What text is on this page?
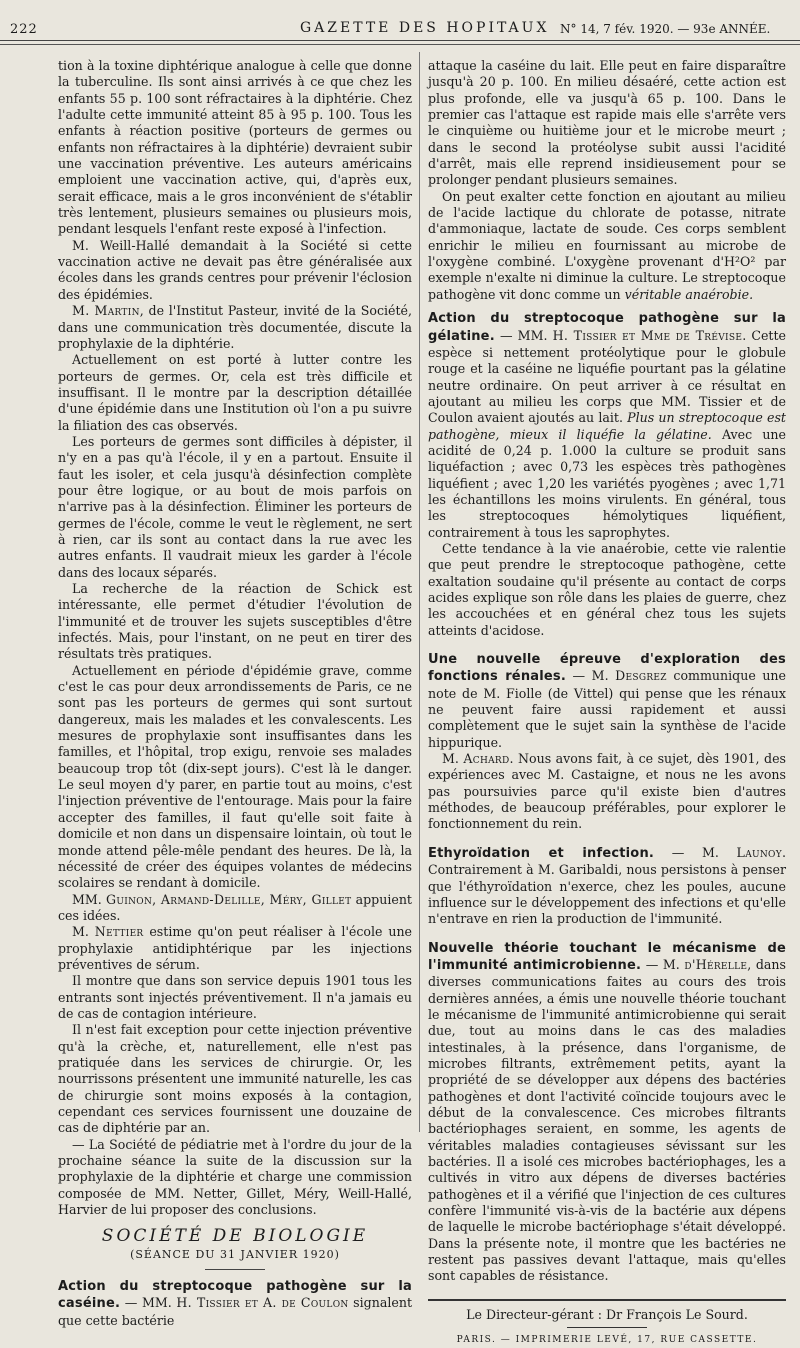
222	GAZETTE DES HOPITAUX N° 14, 7 fév. 1920. — 93e ANNÉE.

tion à la toxine diphtérique analogue à celle que donne la tuberculine. Ils sont ainsi arrivés à ce que chez les enfants 55 p. 100 sont réfractaires à la diphtérie. Chez l'adulte cette immunité atteint 85 à 95 p. 100. Tous les enfants à réaction positive (porteurs de germes ou enfants non réfractaires à la diphtérie) devraient subir une vaccination préventive. Les auteurs américains emploient une vaccination active, qui, d'après eux, serait efficace, mais a le gros inconvénient de s'établir très lentement, plusieurs semaines ou plusieurs mois, pendant lesquels l'enfant reste exposé à l'infection.

M. Weill-Hallé demandait à la Société si cette vaccination active ne devait pas être généralisée aux écoles dans les grands centres pour prévenir l'éclosion des épidémies.

M. Martin, de l'Institut Pasteur, invité de la Société, dans une communication très documentée, discute la prophylaxie de la diphtérie.

Actuellement on est porté à lutter contre les porteurs de germes. Or, cela est très difficile et insuffisant. Il le montre par la description détaillée d'une épidémie dans une Institution où l'on a pu suivre la filiation des cas observés.

Les porteurs de germes sont difficiles à dépister, il n'y en a pas qu'à l'école, il y en a partout. Ensuite il faut les isoler, et cela jusqu'à désinfection complète pour être logique, or au bout de mois parfois on n'arrive pas à la désinfection. Éliminer les porteurs de germes de l'école, comme le veut le règlement, ne sert à rien, car ils sont au contact dans la rue avec les autres enfants. Il vaudrait mieux les garder à l'école dans des locaux séparés.

La recherche de la réaction de Schick est intéressante, elle permet d'étudier l'évolution de l'immunité et de trouver les sujets susceptibles d'être infectés. Mais, pour l'instant, on ne peut en tirer des résultats très pratiques.

Actuellement en période d'épidémie grave, comme c'est le cas pour deux arrondissements de Paris, ce ne sont pas les porteurs de germes qui sont surtout dangereux, mais les malades et les convalescents. Les mesures de prophylaxie sont insuffisantes dans les familles, et l'hôpital, trop exigu, renvoie ses malades beaucoup trop tôt (dix-sept jours). C'est là le danger. Le seul moyen d'y parer, en partie tout au moins, c'est l'injection préventive de l'entourage. Mais pour la faire accepter des familles, il faut qu'elle soit faite à domicile et non dans un dispensaire lointain, où tout le monde attend pêle-mêle pendant des heures. De là, la nécessité de créer des équipes volantes de médecins scolaires se rendant à domicile.

MM. Guinon, Armand-Delille, Méry, Gillet appuient ces idées.

M. Nettier estime qu'on peut réaliser à l'école une prophylaxie antidiphtérique par les injections préventives de sérum.

Il montre que dans son service depuis 1901 tous les entrants sont injectés préventivement. Il n'a jamais eu de cas de contagion intérieure.

Il n'est fait exception pour cette injection préventive qu'à la crèche, et, naturellement, elle n'est pas pratiquée dans les services de chirurgie. Or, les nourrissons présentent une immunité naturelle, les cas de chirurgie sont moins exposés à la contagion, cependant ces services fournissent une douzaine de cas de diphtérie par an.

— La Société de pédiatrie met à l'ordre du jour de la prochaine séance la suite de la discussion sur la prophylaxie de la diphtérie et charge une commission composée de MM. Netter, Gillet, Méry, Weill-Hallé, Harvier de lui proposer des conclusions.

SOCIÉTÉ DE BIOLOGIE
(SÉANCE DU 31 JANVIER 1920)

Action du streptocoque pathogène sur la caséine. — MM. H. Tissier et A. de Coulon signalent que cette bactérie

attaque la caséine du lait. Elle peut en faire disparaître jusqu'à 20 p. 100. En milieu désaéré, cette action est plus profonde, elle va jusqu'à 65 p. 100. Dans le premier cas l'attaque est rapide mais elle s'arrête vers le cinquième ou huitième jour et le microbe meurt ; dans le second la protéolyse subit aussi l'acidité d'arrêt, mais elle reprend insidieusement pour se prolonger pendant plusieurs semaines.

On peut exalter cette fonction en ajoutant au milieu de l'acide lactique du chlorate de potasse, nitrate d'ammoniaque, lactate de soude. Ces corps semblent enrichir le milieu en fournissant au microbe de l'oxygène combiné. L'oxygène provenant d'H²O² par exemple n'exalte ni diminue la culture. Le streptocoque pathogène vit donc comme un véritable anaérobie.

Action du streptocoque pathogène sur la gélatine. — MM. H. Tissier et Mme de Trévise. Cette espèce si nettement protéolytique pour le globule rouge et la caséine ne liquéfie pourtant pas la gélatine neutre ordinaire. On peut arriver à ce résultat en ajoutant au milieu les corps que MM. Tissier et de Coulon avaient ajoutés au lait. Plus un streptocoque est pathogène, mieux il liquéfie la gélatine. Avec une acidité de 0,24 p. 1.000 la culture se produit sans liquéfaction ; avec 0,73 les espèces très pathogènes liquéfient ; avec 1,20 les variétés pyogènes ; avec 1,71 les échantillons les moins virulents. En général, tous les streptocoques hémolytiques liquéfient, contrairement à tous les saprophytes.

Cette tendance à la vie anaérobie, cette vie ralentie que peut prendre le streptocoque pathogène, cette exaltation soudaine qu'il présente au contact de corps acides explique son rôle dans les plaies de guerre, chez les accouchées et en général chez tous les sujets atteints d'acidose.

Une nouvelle épreuve d'exploration des fonctions rénales. — M. Desgrez communique une note de M. Fiolle (de Vittel) qui pense que les rénaux ne peuvent faire aussi rapidement et aussi complètement que le sujet sain la synthèse de l'acide hippurique.

M. Achard. Nous avons fait, à ce sujet, dès 1901, des expériences avec M. Castaigne, et nous ne les avons pas poursuivies parce qu'il existe bien d'autres méthodes, de beaucoup préférables, pour explorer le fonctionnement du rein.

Ethyroïdation et infection. — M. Launoy. Contrairement à M. Garibaldi, nous persistons à penser que l'éthyroïdation n'exerce, chez les poules, aucune influence sur le développement des infections et qu'elle n'entrave en rien la production de l'immunité.

Nouvelle théorie touchant le mécanisme de l'immunité antimicrobienne. — M. d'Hérelle, dans diverses communications faites au cours des trois dernières années, a émis une nouvelle théorie touchant le mécanisme de l'immunité antimicrobienne qui serait due, tout au moins dans le cas des maladies intestinales, à la présence, dans l'organisme, de microbes filtrants, extrêmement petits, ayant la propriété de se développer aux dépens des bactéries pathogènes et dont l'activité coïncide toujours avec le début de la convalescence. Ces microbes filtrants bactériophages seraient, en somme, les agents de véritables maladies contagieuses sévissant sur les bactéries. Il a isolé ces microbes bactériophages, les a cultivés in vitro aux dépens de diverses bactéries pathogènes et il a vérifié que l'injection de ces cultures confère l'immunité vis-à-vis de la bactérie aux dépens de laquelle le microbe bactériophage s'était développé. Dans la présente note, il montre que les bactéries ne restent pas passives devant l'attaque, mais qu'elles sont capables de résistance.

Le Directeur-gérant : Dr François Le Sourd.
PARIS. — IMPRIMERIE LEVÉ, 17, RUE CASSETTE.
